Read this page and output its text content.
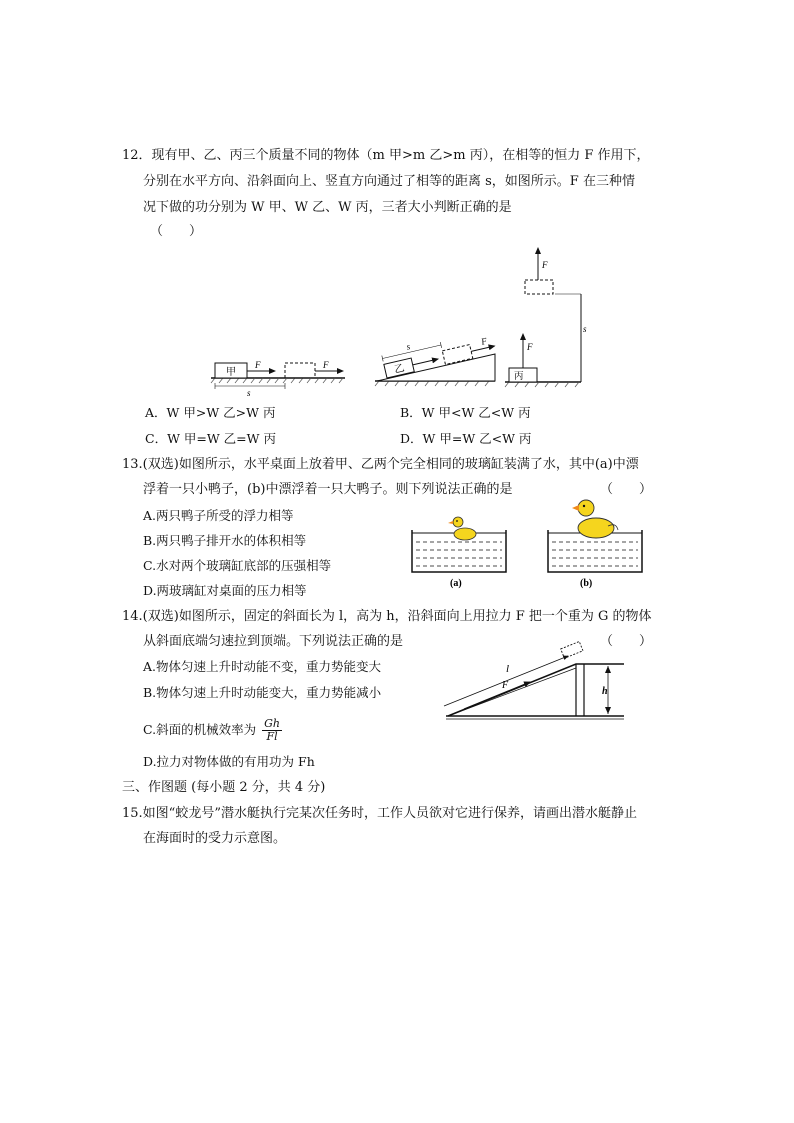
12．现有甲、乙、丙三个质量不同的物体（m 甲>m 乙>m 丙），在相等的恒力 F 作用下，
分别在水平方向、沿斜面向上、竖直方向通过了相等的距离 s，如图所示。F 在三种情
况下做的功分别为 W 甲、W 乙、W 丙，三者大小判断正确的是
（　　）
甲
F	F
s
乙
F
s
丙
F
F
s
A．W 甲>W 乙>W 丙	B．W 甲<W 乙<W 丙
C．W 甲=W 乙=W 丙	D．W 甲=W 乙<W 丙
13.(双选)如图所示，水平桌面上放着甲、乙两个完全相同的玻璃缸装满了水，其中(a)中漂
浮着一只小鸭子，(b)中漂浮着一只大鸭子。则下列说法正确的是	（　　）
A.两只鸭子所受的浮力相等
B.两只鸭子排开水的体积相等
C.水对两个玻璃缸底部的压强相等
D.两玻璃缸对桌面的压力相等	(a)	(b)
14.(双选)如图所示，固定的斜面长为 l，高为 h，沿斜面向上用拉力 F 把一个重为 G 的物体
从斜面底端匀速拉到顶端。下列说法正确的是	（　　）
A.物体匀速上升时动能不变，重力势能变大
B.物体匀速上升时动能变大，重力势能减小
C.斜面的机械效率为 $\frac{Gh}{Fl}$
D.拉力对物体做的有用功为 Fh
h
l
F
三、作图题 (每小题 2 分，共 4 分)
15.如图“蛟龙号”潜水艇执行完某次任务时，工作人员欲对它进行保养，请画出潜水艇静止
在海面时的受力示意图。
